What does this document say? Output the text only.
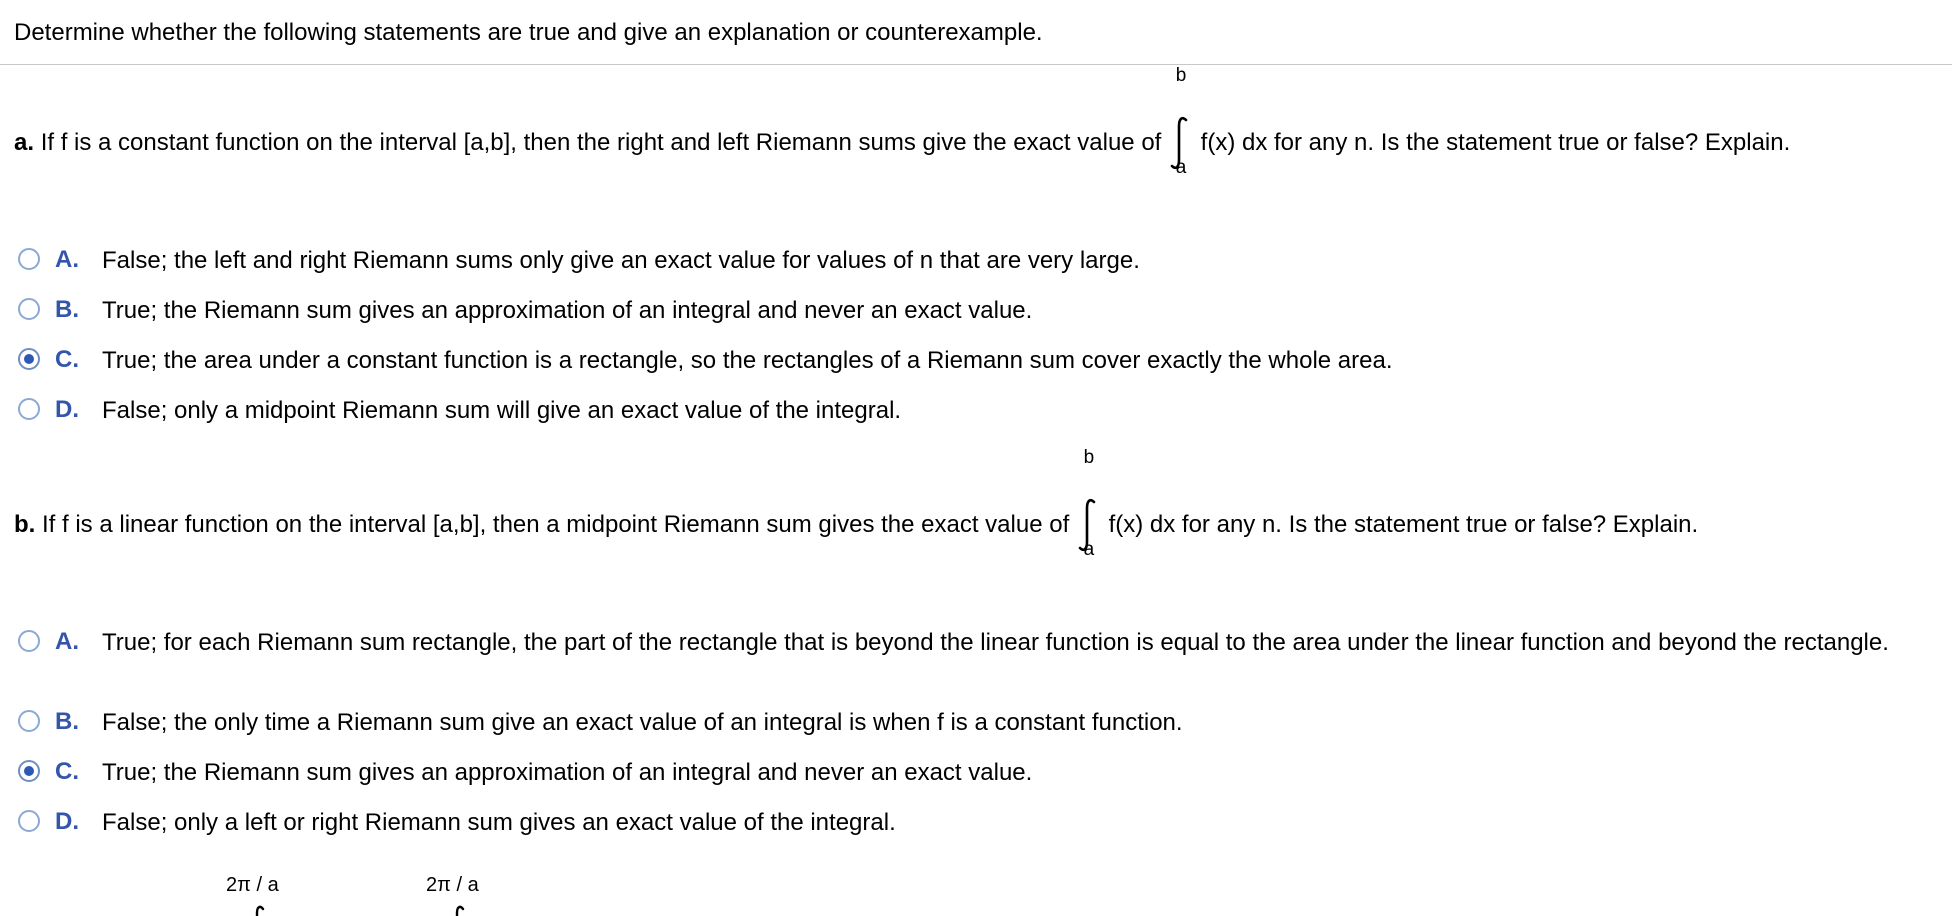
Determine whether the following statements are true and give an explanation or counterexample.
a. If f is a constant function on the interval [a,b], then the right and left Riemann sums give the exact value of
b
a
f(x) dx for any n. Is the statement true or false? Explain.
A. False; the left and right Riemann sums only give an exact value for values of n that are very large.
B. True; the Riemann sum gives an approximation of an integral and never an exact value.
C. True; the area under a constant function is a rectangle, so the rectangles of a Riemann sum cover exactly the whole area.
D. False; only a midpoint Riemann sum will give an exact value of the integral.
b. If f is a linear function on the interval [a,b], then a midpoint Riemann sum gives the exact value of
b
a
f(x) dx for any n. Is the statement true or false? Explain.
A. True; for each Riemann sum rectangle, the part of the rectangle that is beyond the linear function is equal to the area under the linear function and beyond the rectangle.
B. False; the only time a Riemann sum give an exact value of an integral is when f is a constant function.
C. True; the Riemann sum gives an approximation of an integral and never an exact value.
D. False; only a left or right Riemann sum gives an exact value of the integral.
2π / a	2π / a
